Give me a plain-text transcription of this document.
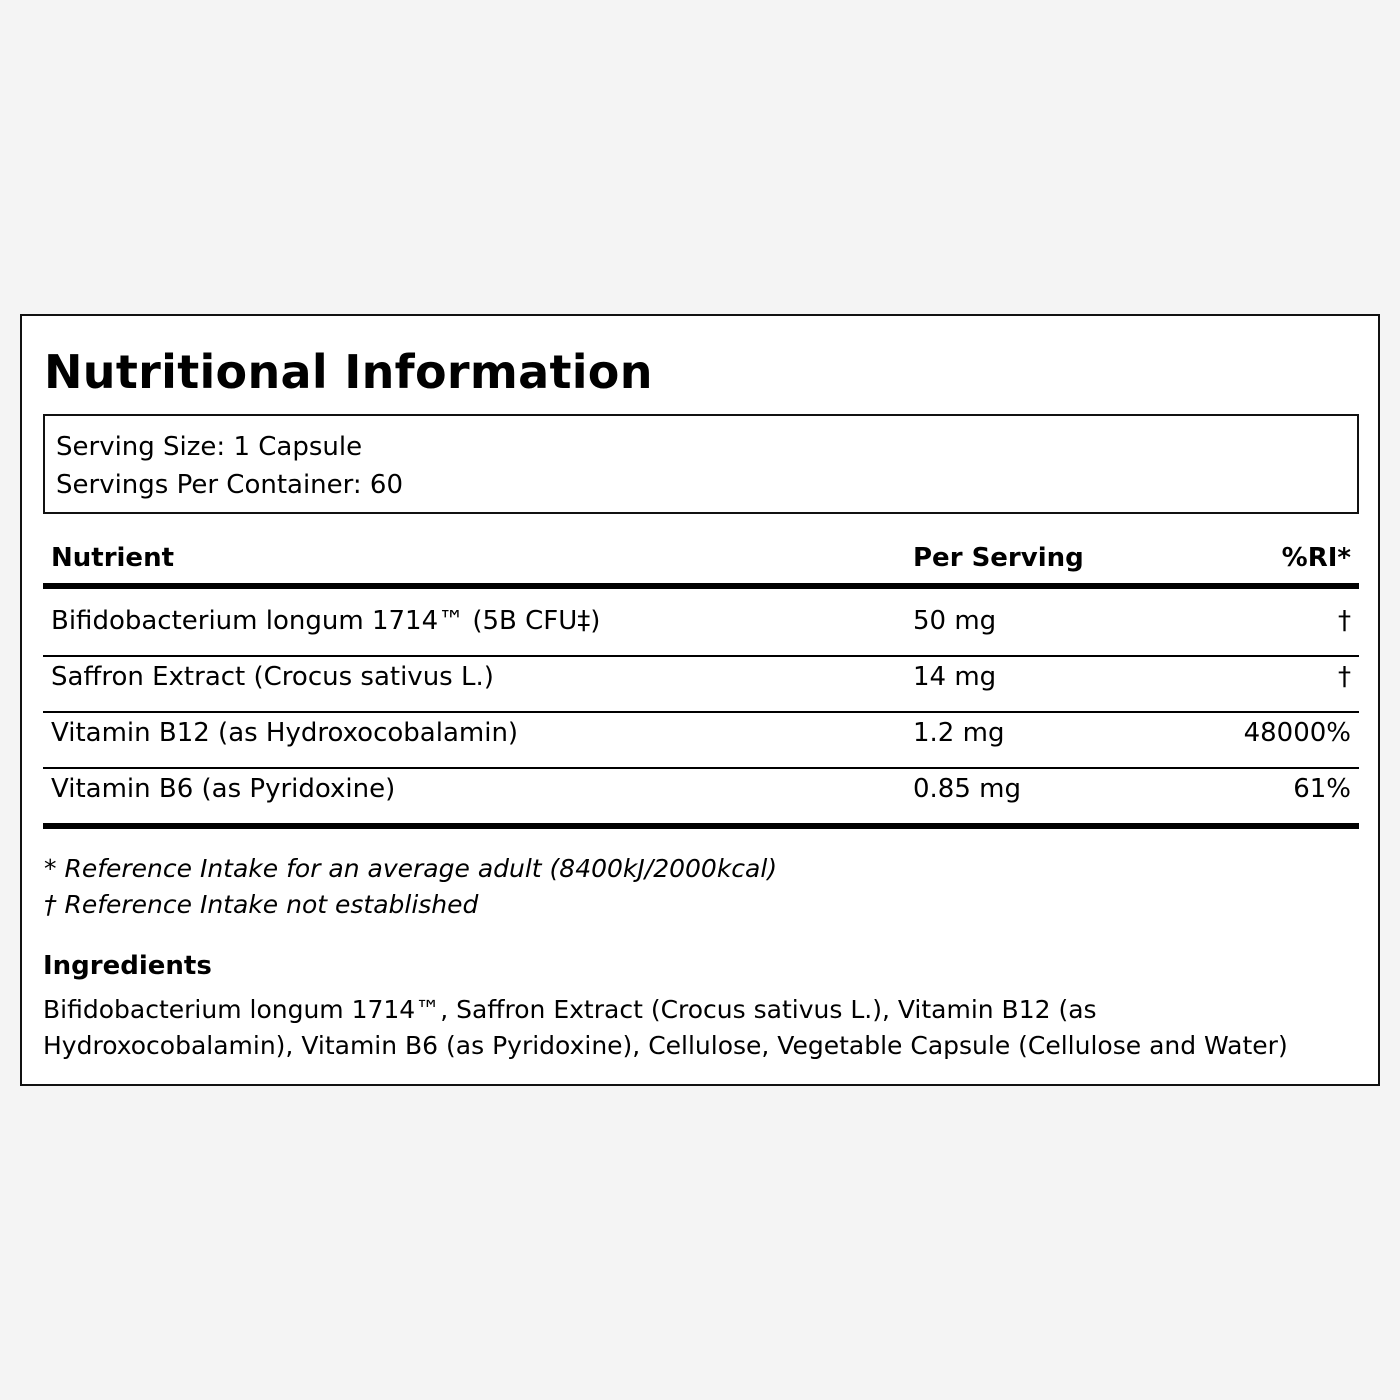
Nutritional Information
Serving Size: 1 Capsule
Servings Per Container: 60
Nutrient	Per Serving	%RI*
Bifidobacterium longum 1714™ (5B CFU‡)	50 mg	†
Saffron Extract (Crocus sativus L.)	14 mg	†
Vitamin B12 (as Hydroxocobalamin)	1.2 mg	48000%
Vitamin B6 (as Pyridoxine)	0.85 mg	61%
* Reference Intake for an average adult (8400kJ/2000kcal)
† Reference Intake not established
Ingredients
Bifidobacterium longum 1714™, Saffron Extract (Crocus sativus L.), Vitamin B12 (as Hydroxocobalamin), Vitamin B6 (as Pyridoxine), Cellulose, Vegetable Capsule (Cellulose and Water)
